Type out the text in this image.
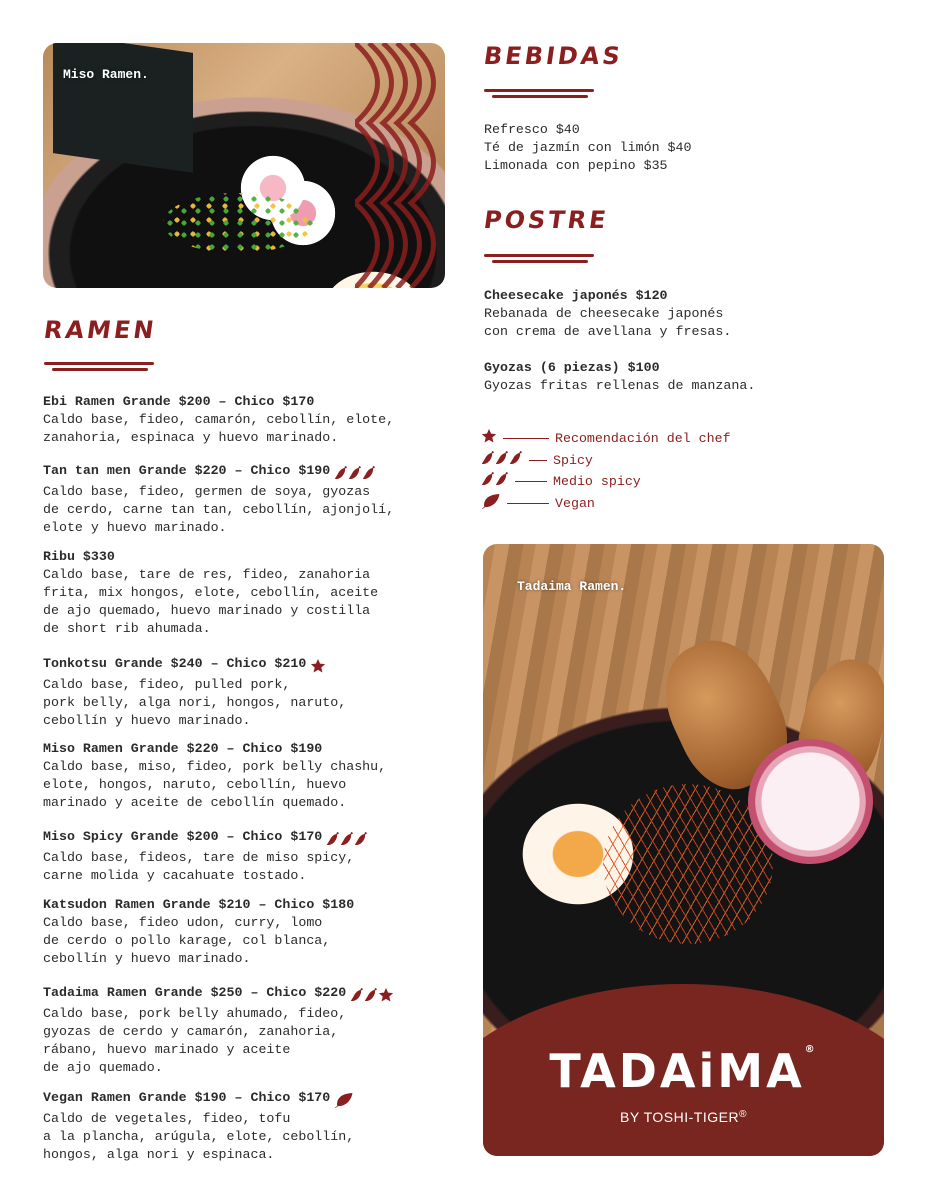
Miso Ramen.
RAMEN

Ebi Ramen Grande $200 – Chico $170

Caldo base, fideo, camarón, cebollín, elote,

zanahoria, espinaca y huevo marinado.

Tan tan men Grande $220 – Chico $190

Caldo base, fideo, germen de soya, gyozas

de cerdo, carne tan tan, cebollín, ajonjolí,

elote y huevo marinado.

Ribu $330

Caldo base, tare de res, fideo, zanahoria

frita, mix hongos, elote, cebollín, aceite

de ajo quemado, huevo marinado y costilla

de short rib ahumada.

Tonkotsu Grande $240 – Chico $210

Caldo base, fideo, pulled pork,

pork belly, alga nori, hongos, naruto,

cebollín y huevo marinado.

Miso Ramen Grande $220 – Chico $190

Caldo base, miso, fideo, pork belly chashu,

elote, hongos, naruto, cebollín, huevo

marinado y aceite de cebollín quemado.

Miso Spicy Grande $200 – Chico $170

Caldo base, fideos, tare de miso spicy,

carne molida y cacahuate tostado.

Katsudon Ramen Grande $210 – Chico $180

Caldo base, fideo udon, curry, lomo

de cerdo o pollo karage, col blanca,

cebollín y huevo marinado.

Tadaima Ramen Grande $250 – Chico $220

Caldo base, pork belly ahumado, fideo,

gyozas de cerdo y camarón, zanahoria,

rábano, huevo marinado y aceite

de ajo quemado.

Vegan Ramen Grande $190 – Chico $170

Caldo de vegetales, fideo, tofu

a la plancha, arúgula, elote, cebollín,

hongos, alga nori y espinaca.

BEBIDAS

Refresco $40

Té de jazmín con limón $40

Limonada con pepino $35

POSTRE

Cheesecake japonés $120

Rebanada de cheesecake japonés

con crema de avellana y fresas.

Gyozas (6 piezas) $100

Gyozas fritas rellenas de manzana.

Recomendación del chef
Spicy
Medio spicy
Vegan
Tadaima Ramen.
TADAiMA®
BY TOSHI-TIGER®
